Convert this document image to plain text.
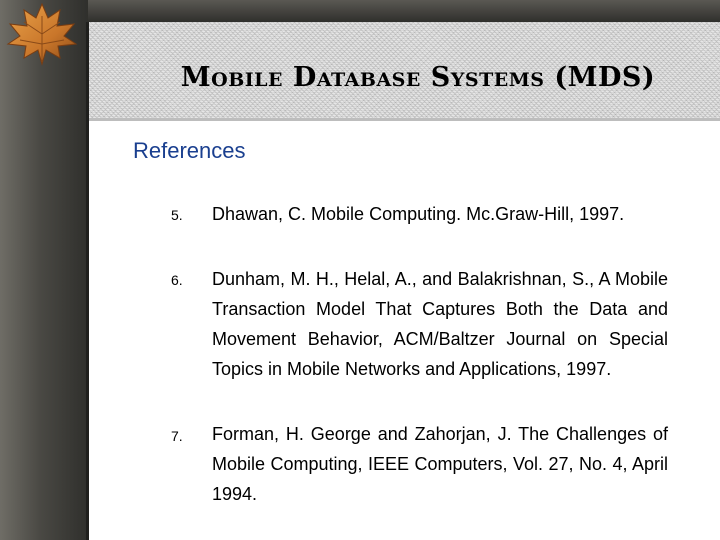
Mobile Database Systems (MDS)
References
5. Dhawan, C. Mobile Computing. Mc.Graw-Hill, 1997.
6. Dunham, M. H., Helal, A., and Balakrishnan, S., A Mobile Transaction Model That Captures Both the Data and Movement Behavior, ACM/Baltzer Journal on Special Topics in Mobile Networks and Applications, 1997.
7. Forman, H. George and Zahorjan, J. The Challenges of Mobile Computing, IEEE Computers, Vol. 27, No. 4, April 1994.
